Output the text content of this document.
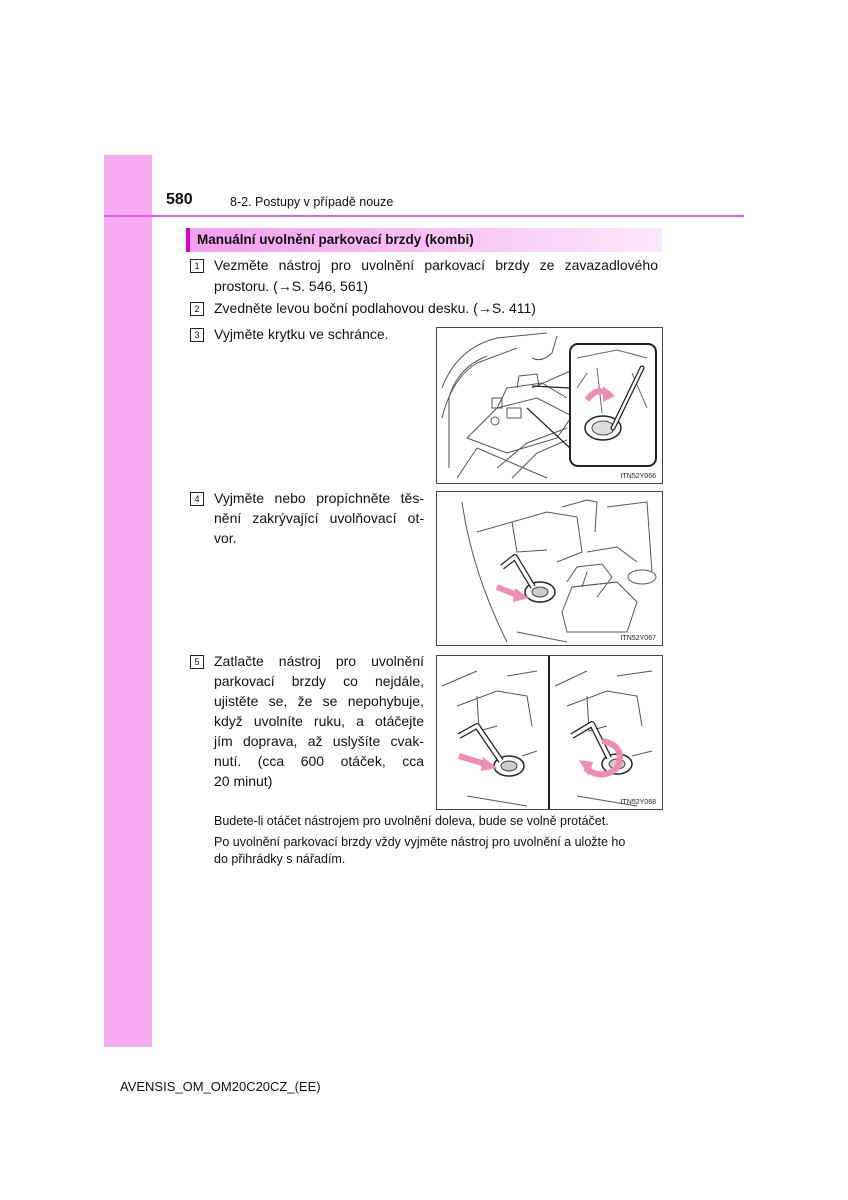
580	8-2. Postupy v případě nouze
Manuální uvolnění parkovací brzdy (kombi)
1	Vezměte nástroj pro uvolnění parkovací brzdy ze zavazadlového
prostoru. (→S. 546, 561)
2	Zvedněte levou boční podlahovou desku. (→S. 411)
3	Vyjměte krytku ve schránce.
ITN52Y066
4	Vyjměte nebo propíchněte těs-
nění zakrývající uvolňovací ot-
vor.
ITN52Y067
5	Zatlačte nástroj pro uvolnění
parkovací brzdy co nejdále,
ujistěte se, že se nepohybuje,
když uvolníte ruku, a otáčejte
jím doprava, až uslyšíte cvak-
nutí. (cca 600 otáček, cca
20 minut)
ITN52Y068
Budete-li otáčet nástrojem pro uvolnění doleva, bude se volně protáčet.
Po uvolnění parkovací brzdy vždy vyjměte nástroj pro uvolnění a uložte ho
do přihrádky s nářadím.
AVENSIS_OM_OM20C20CZ_(EE)
